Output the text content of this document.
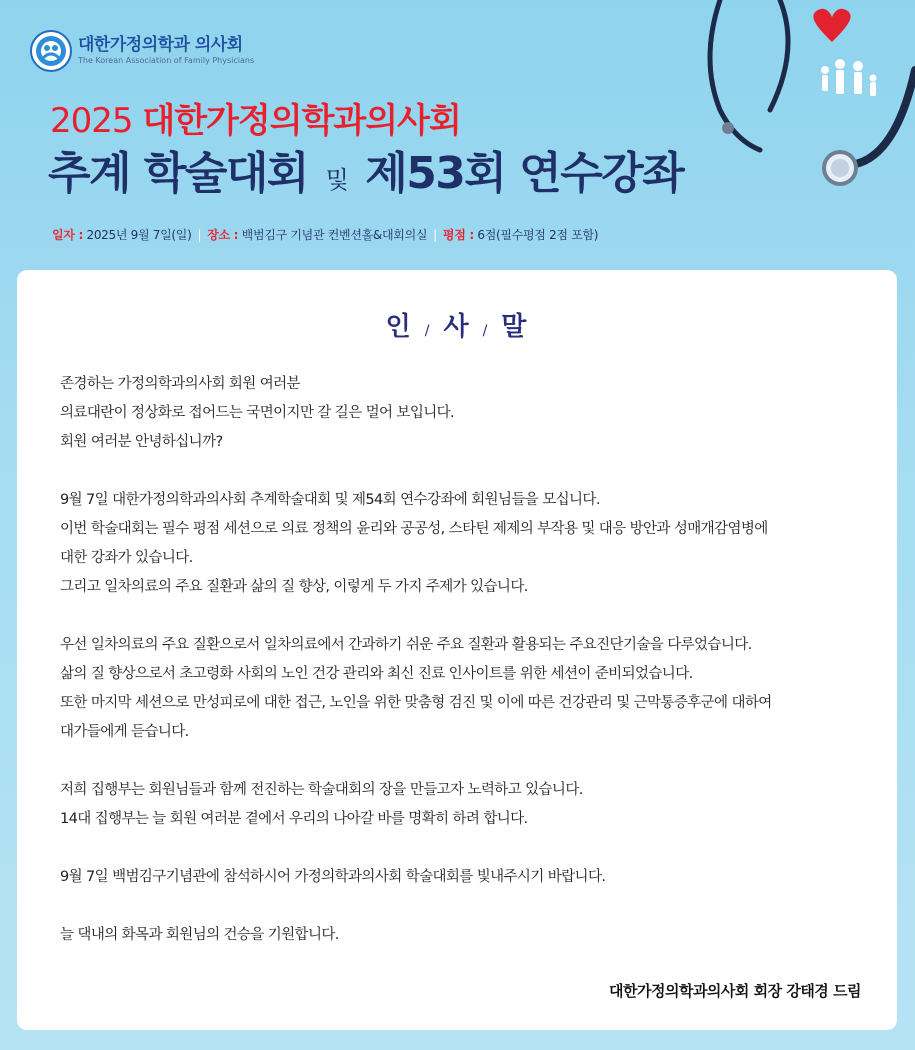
대한가정의학과 의사회
The Korean Association of Family Physicians
2025 대한가정의학과의사회
추계 학술대회 및 제53회 연수강좌
일자 : 2025년 9월 7일(일) | 장소 : 백범김구 기념관 컨벤션홀&대회의실 | 평점 : 6점(필수평점 2점 포함)
인 / 사 / 말

존경하는 가정의학과의사회 회원 여러분

의료대란이 정상화로 접어드는 국면이지만 갈 길은 멀어 보입니다.

회원 여러분 안녕하십니까?

9월 7일 대한가정의학과의사회 추계학술대회 및 제54회 연수강좌에 회원님들을 모십니다.

이번 학술대회는 필수 평점 세션으로 의료 정책의 윤리와 공공성, 스타틴 제제의 부작용 및 대응 방안과 성매개감염병에

대한 강좌가 있습니다.

그리고 일차의료의 주요 질환과 삶의 질 향상, 이렇게 두 가지 주제가 있습니다.

우선 일차의료의 주요 질환으로서 일차의료에서 간과하기 쉬운 주요 질환과 활용되는 주요진단기술을 다루었습니다.

삶의 질 향상으로서 초고령화 사회의 노인 건강 관리와 최신 진료 인사이트를 위한 세션이 준비되었습니다.

또한 마지막 세션으로 만성피로에 대한 접근, 노인을 위한 맞춤형 검진 및 이에 따른 건강관리 및 근막통증후군에 대하여

대가들에게 듣습니다.

저희 집행부는 회원님들과 함께 전진하는 학술대회의 장을 만들고자 노력하고 있습니다.

14대 집행부는 늘 회원 여러분 곁에서 우리의 나아갈 바를 명확히 하려 합니다.

9월 7일 백범김구기념관에 참석하시어 가정의학과의사회 학술대회를 빛내주시기 바랍니다.

늘 댁내의 화목과 회원님의 건승을 기원합니다.

대한가정의학과의사회 회장 강태경 드림
